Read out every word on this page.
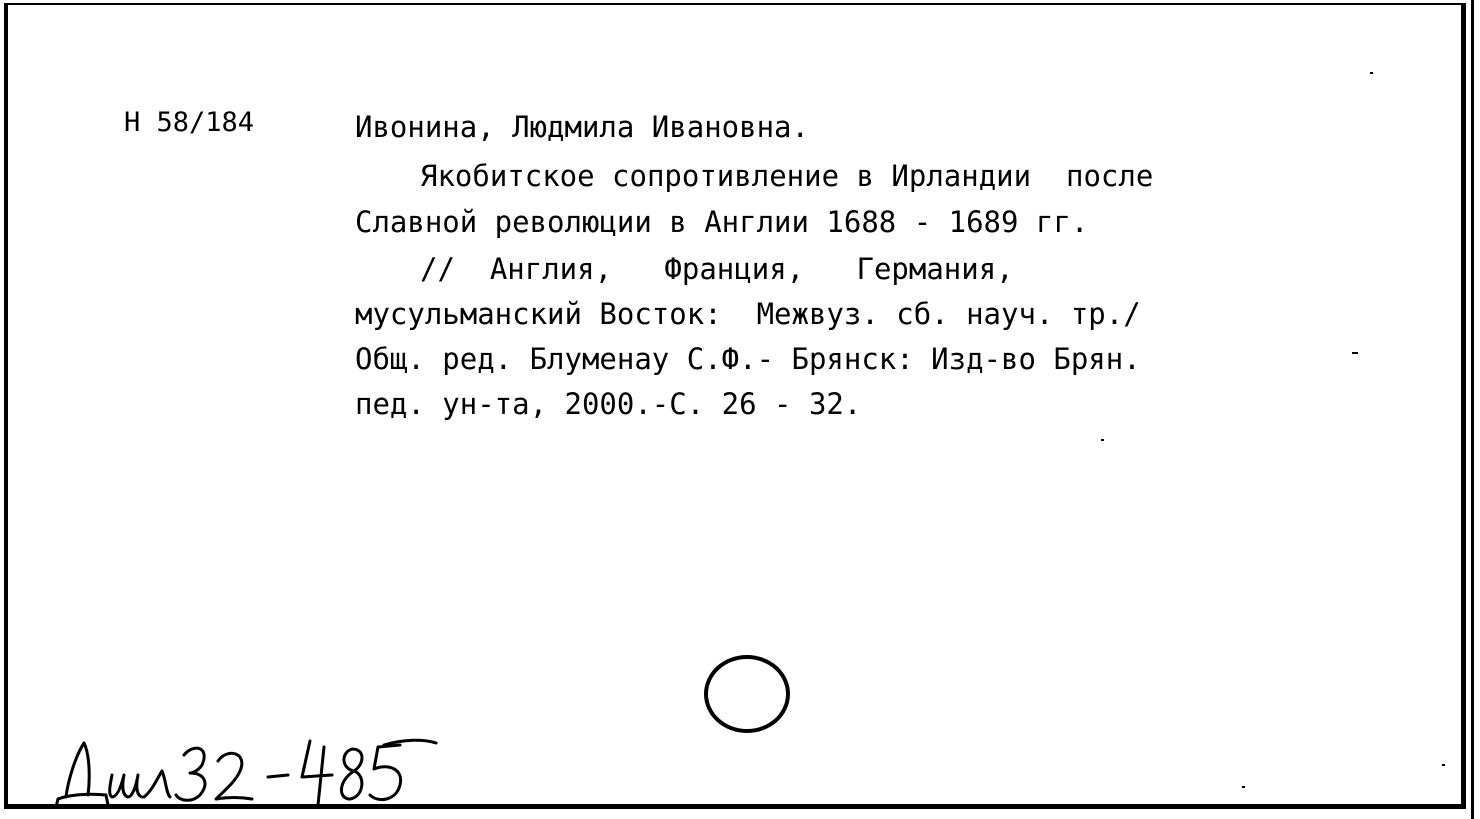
Н 58/184	Ивонина, Людмила Ивановна.
Якобитское сопротивление в Ирландии  после
Славной революции в Англии 1688 - 1689 гг.
//  Англия,   Франция,   Германия,
мусульманский Восток:  Межвуз. сб. науч. тр./
Общ. ред. Блуменау С.Ф.- Брянск: Изд-во Брян.
пед. ун-та, 2000.-С. 26 - 32.
